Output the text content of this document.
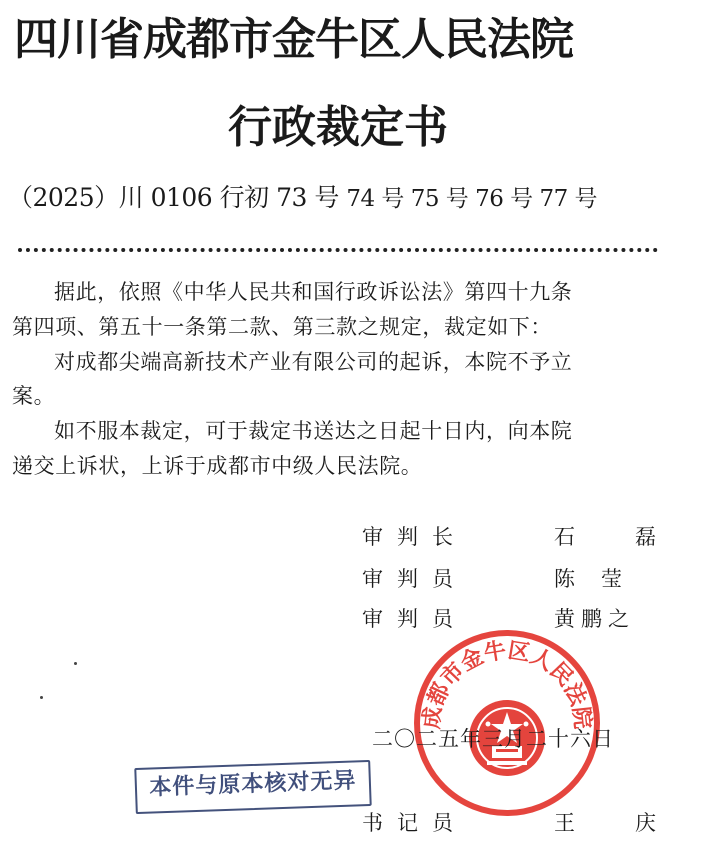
四川省成都市金牛区人民法院
行政裁定书
（2025）川 0106 行初 73 号 74 号 75 号 76 号 77 号

据此，依照《中华人民共和国行政诉讼法》第四十九条
第四项、第五十一条第二款、第三款之规定，裁定如下：

对成都尖端高新技术产业有限公司的起诉，本院不予立
案。

如不服本裁定，可于裁定书送达之日起十日内，向本院
递交上诉状，上诉于成都市中级人民法院。

审判长	石磊
审判员	陈莹
审判员	黄鹏之
成都市金牛区人民法院
二〇二五年三月二十六日
本件与原本核对无异
书记员	王庆
